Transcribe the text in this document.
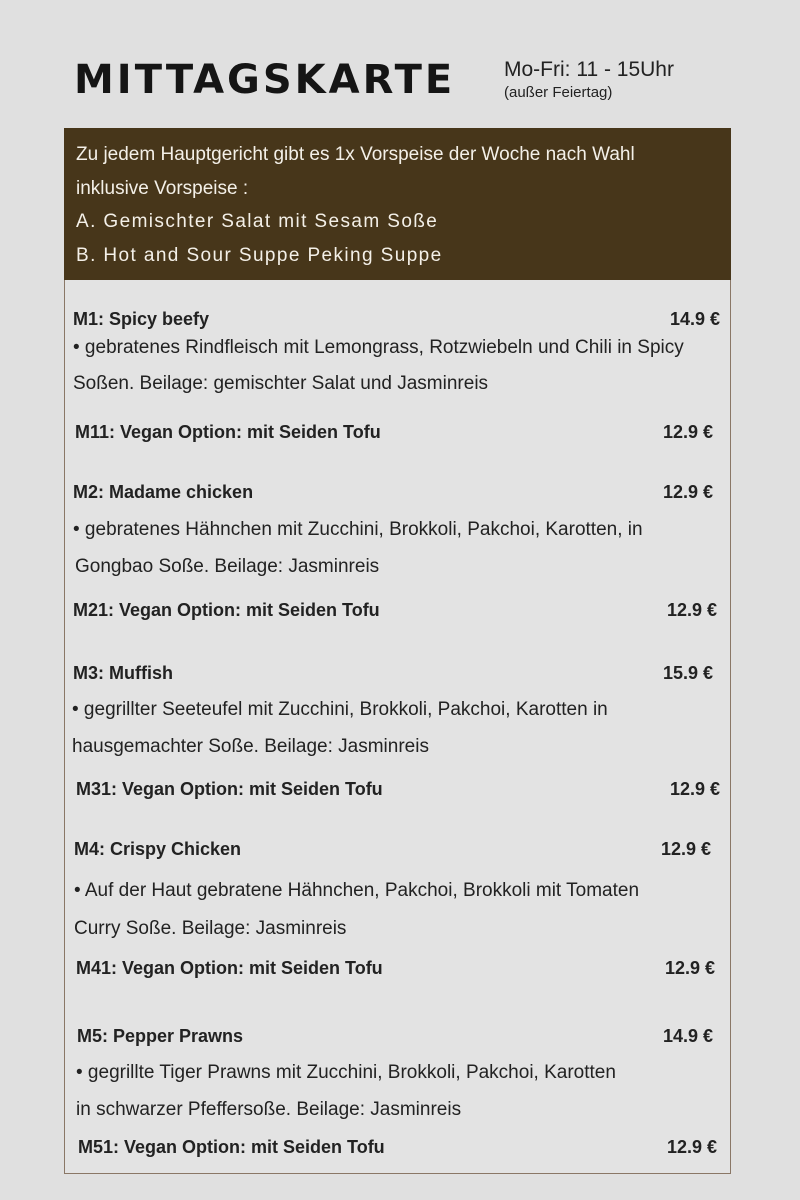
MITTAGSKARTE Mo-Fri: 11 - 15Uhr
(außer Feiertag)
Zu jedem Hauptgericht gibt es 1x Vorspeise der Woche nach Wahl
inklusive Vorspeise :
A. Gemischter Salat mit Sesam Soße
B. Hot and Sour Suppe Peking Suppe
M1: Spicy beefy	14.9 €
• gebratenes Rindfleisch mit Lemongrass, Rotzwiebeln und Chili in Spicy
Soßen. Beilage: gemischter Salat und Jasminreis
M11: Vegan Option: mit Seiden Tofu	12.9 €
M2: Madame chicken	12.9 €
• gebratenes Hähnchen mit Zucchini, Brokkoli, Pakchoi, Karotten, in
Gongbao Soße. Beilage: Jasminreis
M21: Vegan Option: mit Seiden Tofu	12.9 €
M3: Muffish	15.9 €
• gegrillter Seeteufel mit Zucchini, Brokkoli, Pakchoi, Karotten in
hausgemachter Soße. Beilage: Jasminreis
M31: Vegan Option: mit Seiden Tofu	12.9 €
M4: Crispy Chicken	12.9 €
• Auf der Haut gebratene Hähnchen, Pakchoi, Brokkoli mit Tomaten
Curry Soße. Beilage: Jasminreis
M41: Vegan Option: mit Seiden Tofu	12.9 €
M5: Pepper Prawns	14.9 €
• gegrillte Tiger Prawns mit Zucchini, Brokkoli, Pakchoi, Karotten
in schwarzer Pfeffersoße. Beilage: Jasminreis
M51: Vegan Option: mit Seiden Tofu	12.9 €
